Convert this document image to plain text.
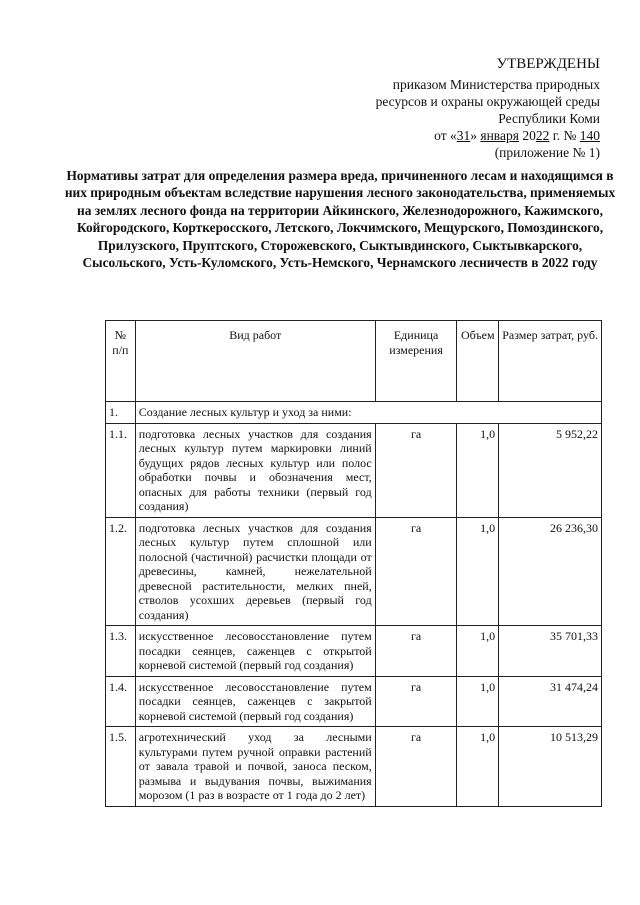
УТВЕРЖДЕНЫ
приказом Министерства природных
ресурсов и охраны окружающей среды
Республики Коми
от «31» января 2022 г. № 140
(приложение № 1)
Нормативы затрат для определения размера вреда, причиненного лесам и находящимся в них природным объектам вследствие нарушения лесного законодательства, применяемых на землях лесного фонда на территории Айкинского, Железнодорожного, Кажимского, Койгородского, Корткеросского, Летского, Локчимского, Мещурского, Помоздинского, Прилузского, Пруптского, Сторожевского, Сыктывдинского, Сыктывкарского, Сысольского, Усть-Куломского, Усть-Немского, Чернамского лесничеств в 2022 году
№ п/п	Вид работ	Единица измерения	Объем	Размер затрат, руб.
1.	Создание лесных культур и уход за ними:			
1.1.	подготовка лесных участков для создания лесных культур путем маркировки линий будущих рядов лесных культур или полос обработки почвы и обозначения мест, опасных для работы техники (первый год создания)	га	1,0	5 952,22
1.2.	подготовка лесных участков для создания лесных культур путем сплошной или полосной (частичной) расчистки площади от древесины, камней, нежелательной древесной растительности, мелких пней, стволов усохших деревьев (первый год создания)	га	1,0	26 236,30
1.3.	искусственное лесовосстановление путем посадки сеянцев, саженцев с открытой корневой системой (первый год создания)	га	1,0	35 701,33
1.4.	искусственное лесовосстановление путем посадки сеянцев, саженцев с закрытой корневой системой (первый год создания)	га	1,0	31 474,24
1.5.	агротехнический уход за лесными культурами путем ручной оправки растений от завала травой и почвой, заноса песком, размыва и выдувания почвы, выжимания морозом (1 раз в возрасте от 1 года до 2 лет)	га	1,0	10 513,29
